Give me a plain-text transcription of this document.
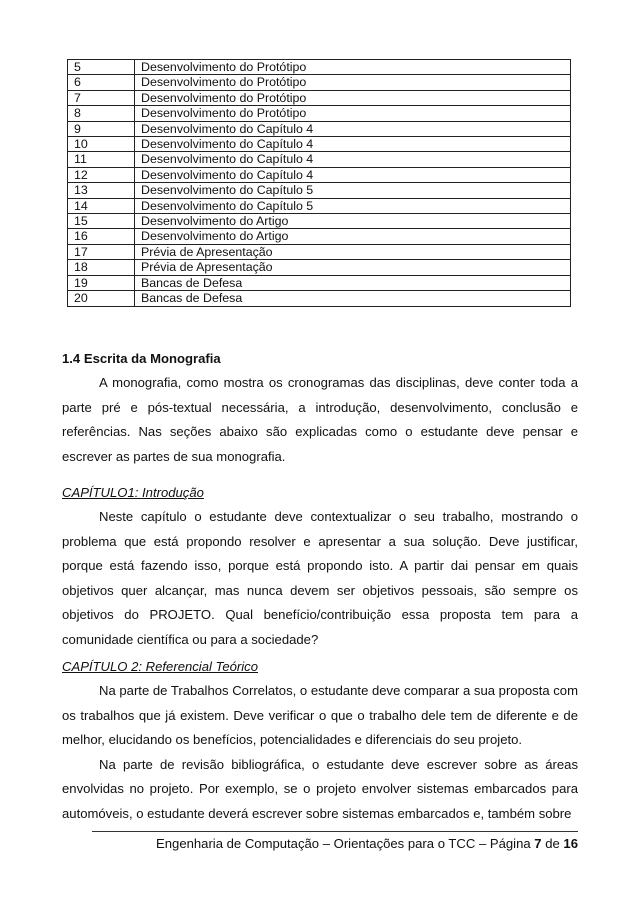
5	Desenvolvimento do Protótipo
6	Desenvolvimento do Protótipo
7	Desenvolvimento do Protótipo
8	Desenvolvimento do Protótipo
9	Desenvolvimento do Capítulo 4
10	Desenvolvimento do Capítulo 4
11	Desenvolvimento do Capítulo 4
12	Desenvolvimento do Capítulo 4
13	Desenvolvimento do Capítulo 5
14	Desenvolvimento do Capítulo 5
15	Desenvolvimento do Artigo
16	Desenvolvimento do Artigo
17	Prévia de Apresentação
18	Prévia de Apresentação
19	Bancas de Defesa
20	Bancas de Defesa
1.4 Escrita da Monografia

A monografia, como mostra os cronogramas das disciplinas, deve conter toda a parte pré e pós-textual necessária, a introdução, desenvolvimento, conclusão e referências. Nas seções abaixo são explicadas como o estudante deve pensar e escrever as partes de sua monografia.

CAPÍTULO1: Introdução

Neste capítulo o estudante deve contextualizar o seu trabalho, mostrando o problema que está propondo resolver e apresentar a sua solução. Deve justificar, porque está fazendo isso, porque está propondo isto. A partir dai pensar em quais objetivos quer alcançar, mas nunca devem ser objetivos pessoais, são sempre os objetivos do PROJETO. Qual benefício/contribuição essa proposta tem para a comunidade científica ou para a sociedade?

CAPÍTULO 2: Referencial Teórico

Na parte de Trabalhos Correlatos, o estudante deve comparar a sua proposta com os trabalhos que já existem. Deve verificar o que o trabalho dele tem de diferente e de melhor, elucidando os benefícios, potencialidades e diferenciais do seu projeto.

Na parte de revisão bibliográfica, o estudante deve escrever sobre as áreas envolvidas no projeto. Por exemplo, se o projeto envolver sistemas embarcados para automóveis, o estudante deverá escrever sobre sistemas embarcados e, também sobre

Engenharia de Computação – Orientações para o TCC – Página 7 de 16
